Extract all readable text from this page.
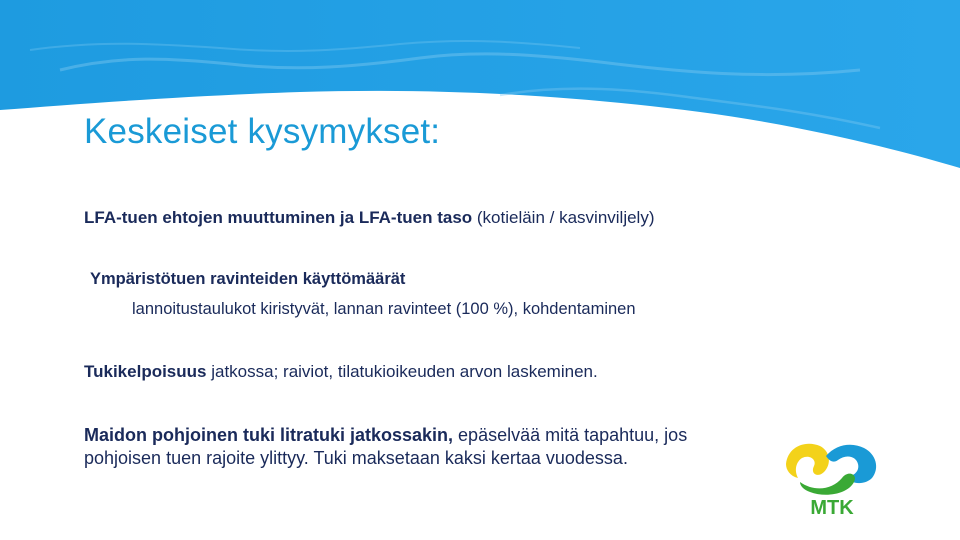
Keskeiset kysymykset:

LFA-tuen ehtojen muuttuminen ja LFA-tuen taso (kotieläin / kasvinviljely)

Ympäristötuen ravinteiden käyttömäärät

lannoitustaulukot kiristyvät, lannan ravinteet (100 %), kohdentaminen

Tukikelpoisuus jatkossa; raiviot, tilatukioikeuden arvon laskeminen.

Maidon pohjoinen tuki litratuki jatkossakin, epäselvää mitä tapahtuu, jos
pohjoisen tuen rajoite ylittyy. Tuki maksetaan kaksi kertaa vuodessa.

MTK
